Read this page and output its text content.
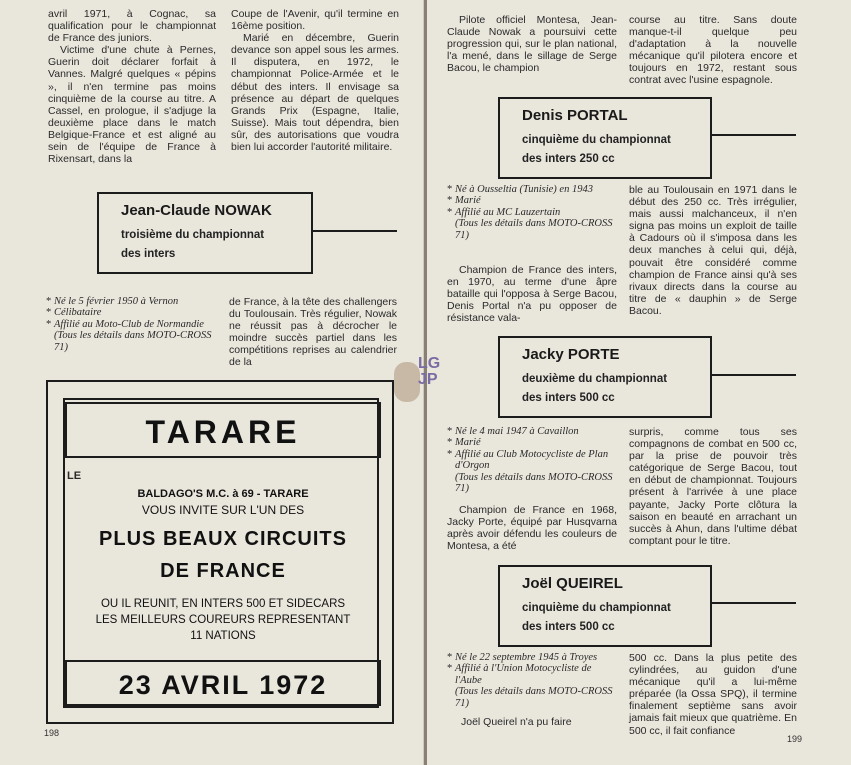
avril 1971, à Cognac, sa qualification pour le championnat de France des juniors.

Victime d'une chute à Pernes, Guerin doit déclarer forfait à Vannes. Malgré quelques « pépins », il n'en termine pas moins cinquième de la course au titre. A Cassel, en prologue, il s'adjuge la deuxième place dans le match Belgique-France et est aligné au sein de l'équipe de France à Rixensart, dans la

Coupe de l'Avenir, qu'il termine en 16ème position.

Marié en décembre, Guerin devance son appel sous les armes. Il disputera, en 1972, le championnat Police-Armée et le début des inters. Il envisage sa présence au départ de quelques Grands Prix (Espagne, Italie, Suisse). Mais tout dépendra, bien sûr, des autorisations que voudra bien lui accorder l'autorité militaire.

Jean-Claude NOWAK
troisième du championnat
des inters
* Né le 5 février 1950 à Vernon
* Célibataire
* Affilié au Moto-Club de Normandie
(Tous les détails dans MOTO-CROSS 71)

de France, à la tête des challengers du Toulousain. Très régulier, Nowak ne réussit pas à décrocher le moindre succès partiel dans les compétitions reprises au calendrier de la

TARARE
LE
BALDAGO'S M.C. à 69 - TARARE
VOUS INVITE SUR L'UN DES
PLUS BEAUX CIRCUITS
DE FRANCE
OU IL REUNIT, EN INTERS 500 ET SIDECARS
LES MEILLEURS COUREURS REPRESENTANT
11 NATIONS
23 AVRIL 1972
198

Pilote officiel Montesa, Jean-Claude Nowak a poursuivi cette progression qui, sur le plan national, l'a mené, dans le sillage de Serge Bacou, le champion

course au titre. Sans doute manque-t-il quelque peu d'adaptation à la nouvelle mécanique qu'il pilotera encore et toujours en 1972, restant sous contrat avec l'usine espagnole.

Denis PORTAL
cinquième du championnat
des inters 250 cc
* Né à Ousseltia (Tunisie) en 1943
* Marié
* Affilié au MC Lauzertain
(Tous les détails dans MOTO-CROSS 71)

Champion de France des inters, en 1970, au terme d'une âpre bataille qui l'opposa à Serge Bacou, Denis Portal n'a pu opposer de résistance vala-

ble au Toulousain en 1971 dans le début des 250 cc. Très irrégulier, mais aussi malchanceux, il n'en signa pas moins un exploit de taille à Cadours où il s'imposa dans les deux manches à celui qui, déjà, pouvait être considéré comme champion de France ainsi qu'à ses rivaux directs dans la course au titre de « dauphin » de Serge Bacou.

Jacky PORTE
deuxième du championnat
des inters 500 cc
* Né le 4 mai 1947 à Cavaillon
* Marié
* Affilié au Club Motocycliste de Plan d'Orgon
(Tous les détails dans MOTO-CROSS 71)

Champion de France en 1968, Jacky Porte, équipé par Husqvarna après avoir défendu les couleurs de Montesa, a été

surpris, comme tous ses compagnons de combat en 500 cc, par la prise de pouvoir très catégorique de Serge Bacou, tout en début de championnat. Toujours présent à l'arrivée à une place payante, Jacky Porte clôtura la saison en beauté en arrachant un succès à Ahun, dans l'ultime débat comptant pour le titre.

Joël QUEIREL
cinquième du championnat
des inters 500 cc
* Né le 22 septembre 1945 à Troyes
* Affilié à l'Union Motocycliste de l'Aube
(Tous les détails dans MOTO-CROSS 71)

Joël Queirel n'a pu faire

500 cc. Dans la plus petite des cylindrées, au guidon d'une mécanique qu'il a lui-même préparée (la Ossa SPQ), il termine finalement septième sans avoir jamais fait mieux que quatrième. En 500 cc, il fait confiance

199
LG JP
